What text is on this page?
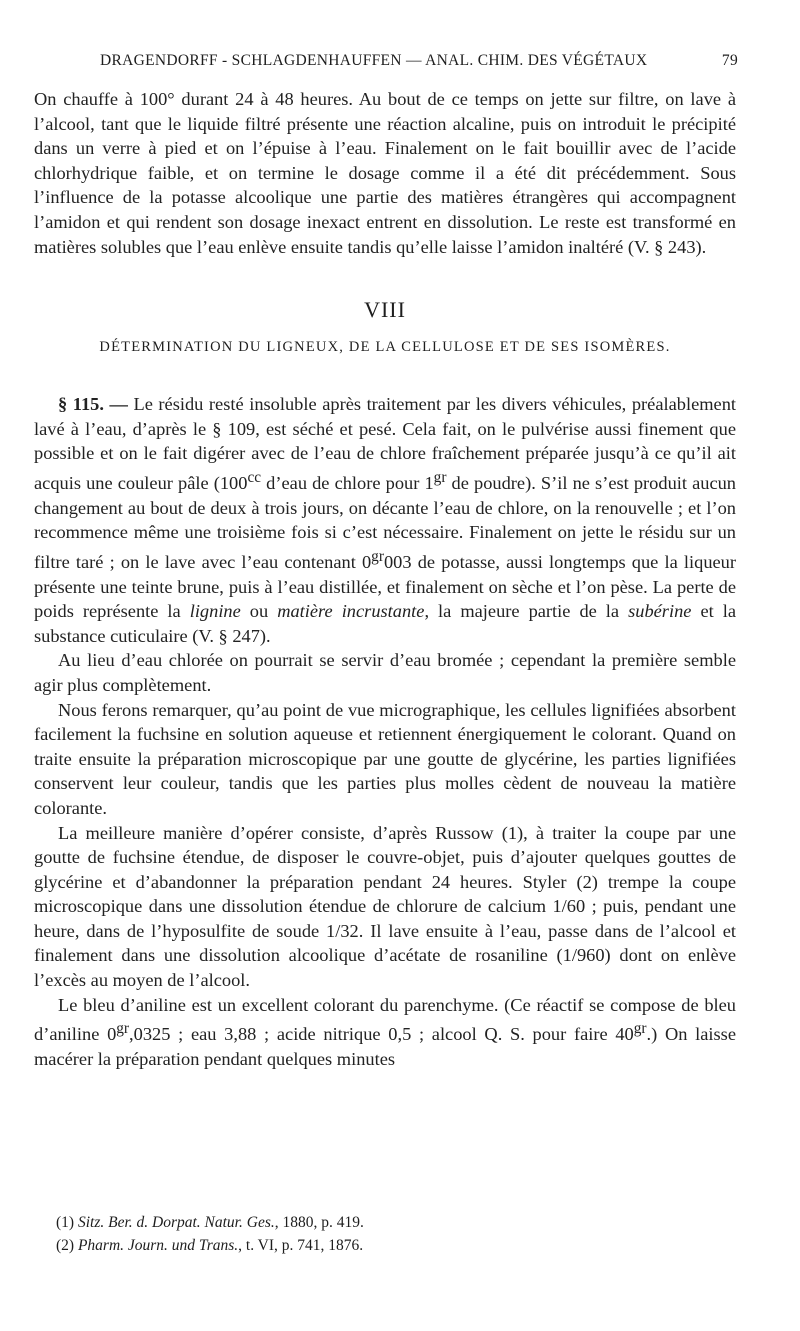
DRAGENDORFF - SCHLAGDENHAUFFEN — ANAL. CHIM. DES VÉGÉTAUX	79

On chauffe à 100° durant 24 à 48 heures. Au bout de ce temps on jette sur filtre, on lave à l’alcool, tant que le liquide filtré présente une réaction alcaline, puis on introduit le précipité dans un verre à pied et on l’épuise à l’eau. Finalement on le fait bouillir avec de l’acide chlorhydrique faible, et on termine le dosage comme il a été dit précédemment. Sous l’influence de la potasse alcoolique une partie des matières étrangères qui accompagnent l’amidon et qui rendent son dosage inexact entrent en dissolution. Le reste est transformé en matières solubles que l’eau enlève ensuite tandis qu’elle laisse l’amidon inaltéré (V. § 243).

VIII

DÉTERMINATION DU LIGNEUX, DE LA CELLULOSE ET DE SES ISOMÈRES.

§ 115. — Le résidu resté insoluble après traitement par les divers véhicules, préalablement lavé à l’eau, d’après le § 109, est séché et pesé. Cela fait, on le pulvérise aussi finement que possible et on le fait digérer avec de l’eau de chlore fraîchement préparée jusqu’à ce qu’il ait acquis une couleur pâle ($100^{cc}$ d’eau de chlore pour $1^{gr}$ de poudre). S’il ne s’est produit aucun changement au bout de deux à trois jours, on décante l’eau de chlore, on la renouvelle ; et l’on recommence même une troisième fois si c’est nécessaire. Finalement on jette le résidu sur un filtre taré ; on le lave avec l’eau contenant $0^{gr}003$ de potasse, aussi longtemps que la liqueur présente une teinte brune, puis à l’eau distillée, et finalement on sèche et l’on pèse. La perte de poids représente la lignine ou matière incrustante, la majeure partie de la subérine et la substance cuticulaire (V. § 247).

Au lieu d’eau chlorée on pourrait se servir d’eau bromée ; cependant la première semble agir plus complètement.

Nous ferons remarquer, qu’au point de vue micrographique, les cellules lignifiées absorbent facilement la fuchsine en solution aqueuse et retiennent énergiquement le colorant. Quand on traite ensuite la préparation microscopique par une goutte de glycérine, les parties lignifiées conservent leur couleur, tandis que les parties plus molles cèdent de nouveau la matière colorante.

La meilleure manière d’opérer consiste, d’après Russow (1), à traiter la coupe par une goutte de fuchsine étendue, de disposer le couvre-objet, puis d’ajouter quelques gouttes de glycérine et d’abandonner la préparation pendant 24 heures. Styler (2) trempe la coupe microscopique dans une dissolution étendue de chlorure de calcium 1/60 ; puis, pendant une heure, dans de l’hyposulfite de soude 1/32. Il lave ensuite à l’eau, passe dans de l’alcool et finalement dans une dissolution alcoolique d’acétate de rosaniline (1/960) dont on enlève l’excès au moyen de l’alcool.

Le bleu d’aniline est un excellent colorant du parenchyme. (Ce réactif se compose de bleu d’aniline $0^{gr},0325$ ; eau 3,88 ; acide nitrique 0,5 ; alcool Q. S. pour faire $40^{gr}$.) On laisse macérer la préparation pendant quelques minutes

(1) Sitz. Ber. d. Dorpat. Natur. Ges., 1880, p. 419.

(2) Pharm. Journ. und Trans., t. VI, p. 741, 1876.
